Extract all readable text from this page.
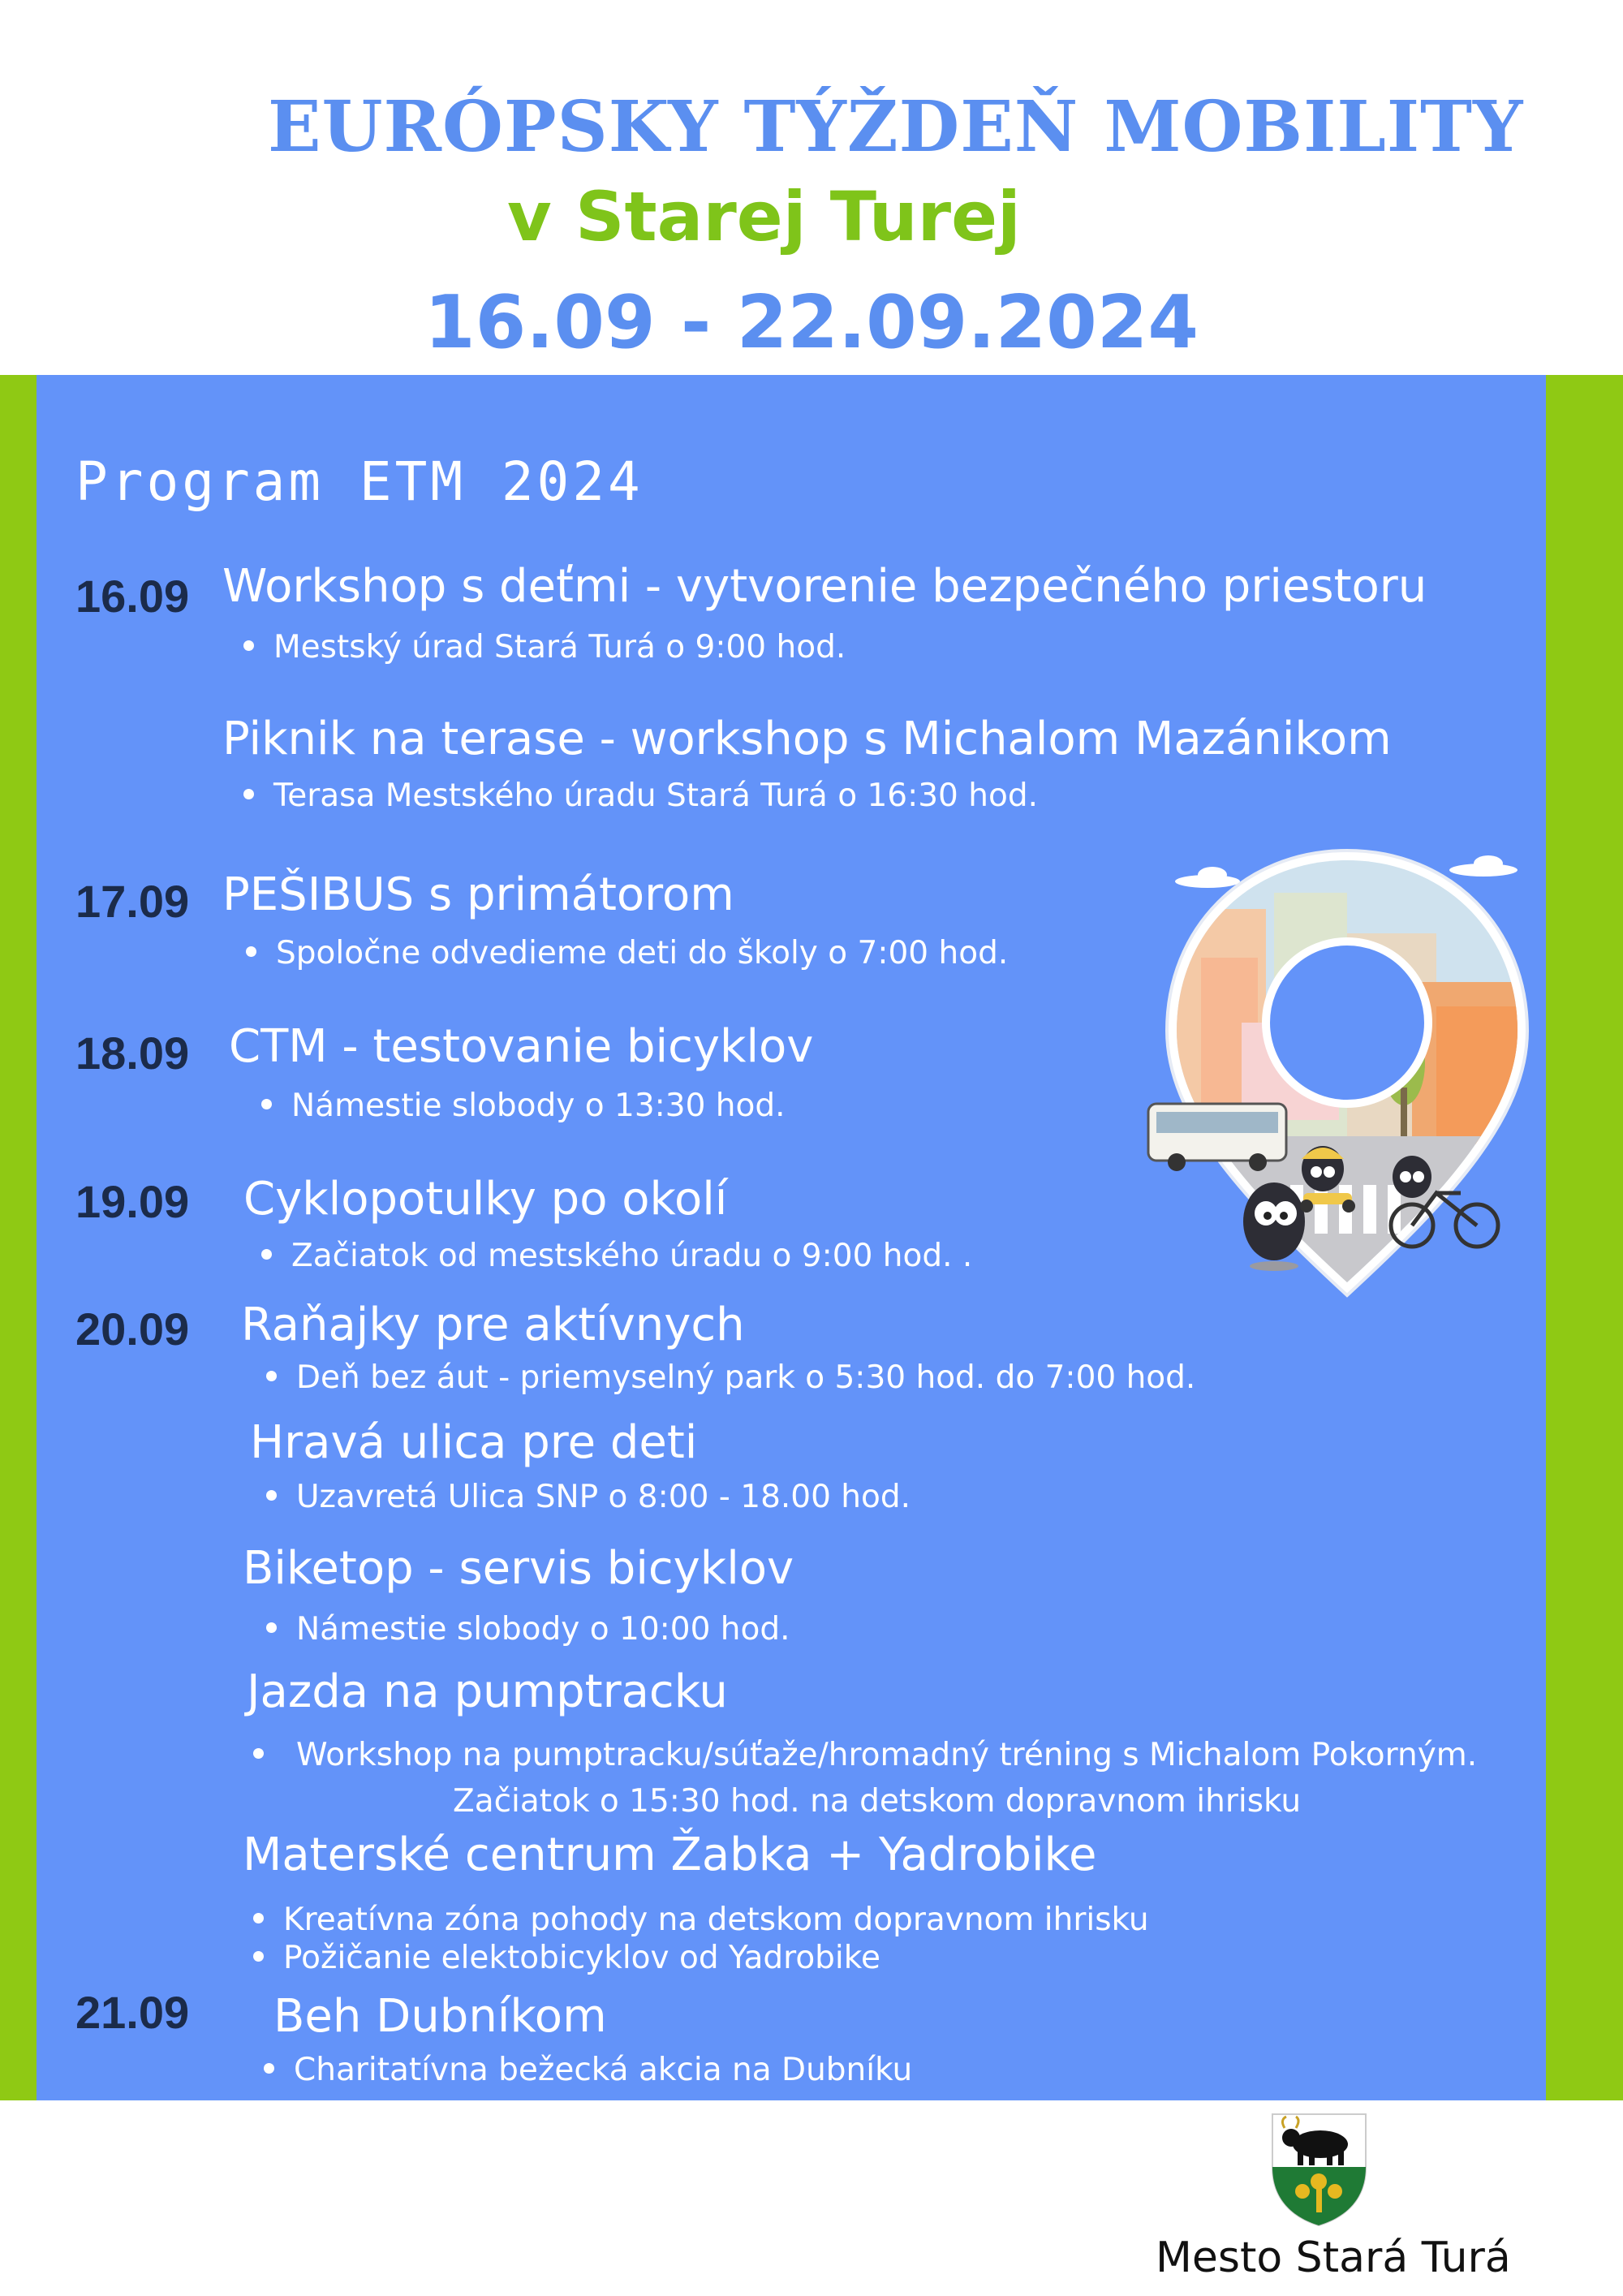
EURÓPSKY TÝŽDEŇ MOBILITY
v Starej Turej
16.09 - 22.09.2024
Program ETM 2024
16.09 Workshop s deťmi - vytvorenie bezpečného priestoru
Mestský úrad Stará Turá o 9:00 hod.
Piknik na terase - workshop s Michalom Mazánikom
Terasa Mestského úradu Stará Turá o 16:30 hod.
17.09 PEŠIBUS s primátorom
Spoločne odvedieme deti do školy o 7:00 hod.
18.09 CTM - testovanie bicyklov
Námestie slobody o 13:30 hod.
19.09 Cyklopotulky po okolí
Začiatok od mestského úradu o 9:00 hod. .
20.09 Raňajky pre aktívnych
Deň bez áut - priemyselný park o 5:30 hod. do 7:00 hod.
Hravá ulica pre deti
Uzavretá Ulica SNP o 8:00 - 18.00 hod.
Biketop - servis bicyklov
Námestie slobody o 10:00 hod.
Jazda na pumptracku
Workshop na pumptracku/súťaže/hromadný tréning s Michalom Pokorným.
Začiatok o 15:30 hod. na detskom dopravnom ihrisku
Materské centrum Žabka + Yadrobike
Kreatívna zóna pohody na detskom dopravnom ihrisku
Požičanie elektobicyklov od Yadrobike
21.09 Beh Dubníkom
Charitatívna bežecká akcia na Dubníku
Mesto Stará Turá
